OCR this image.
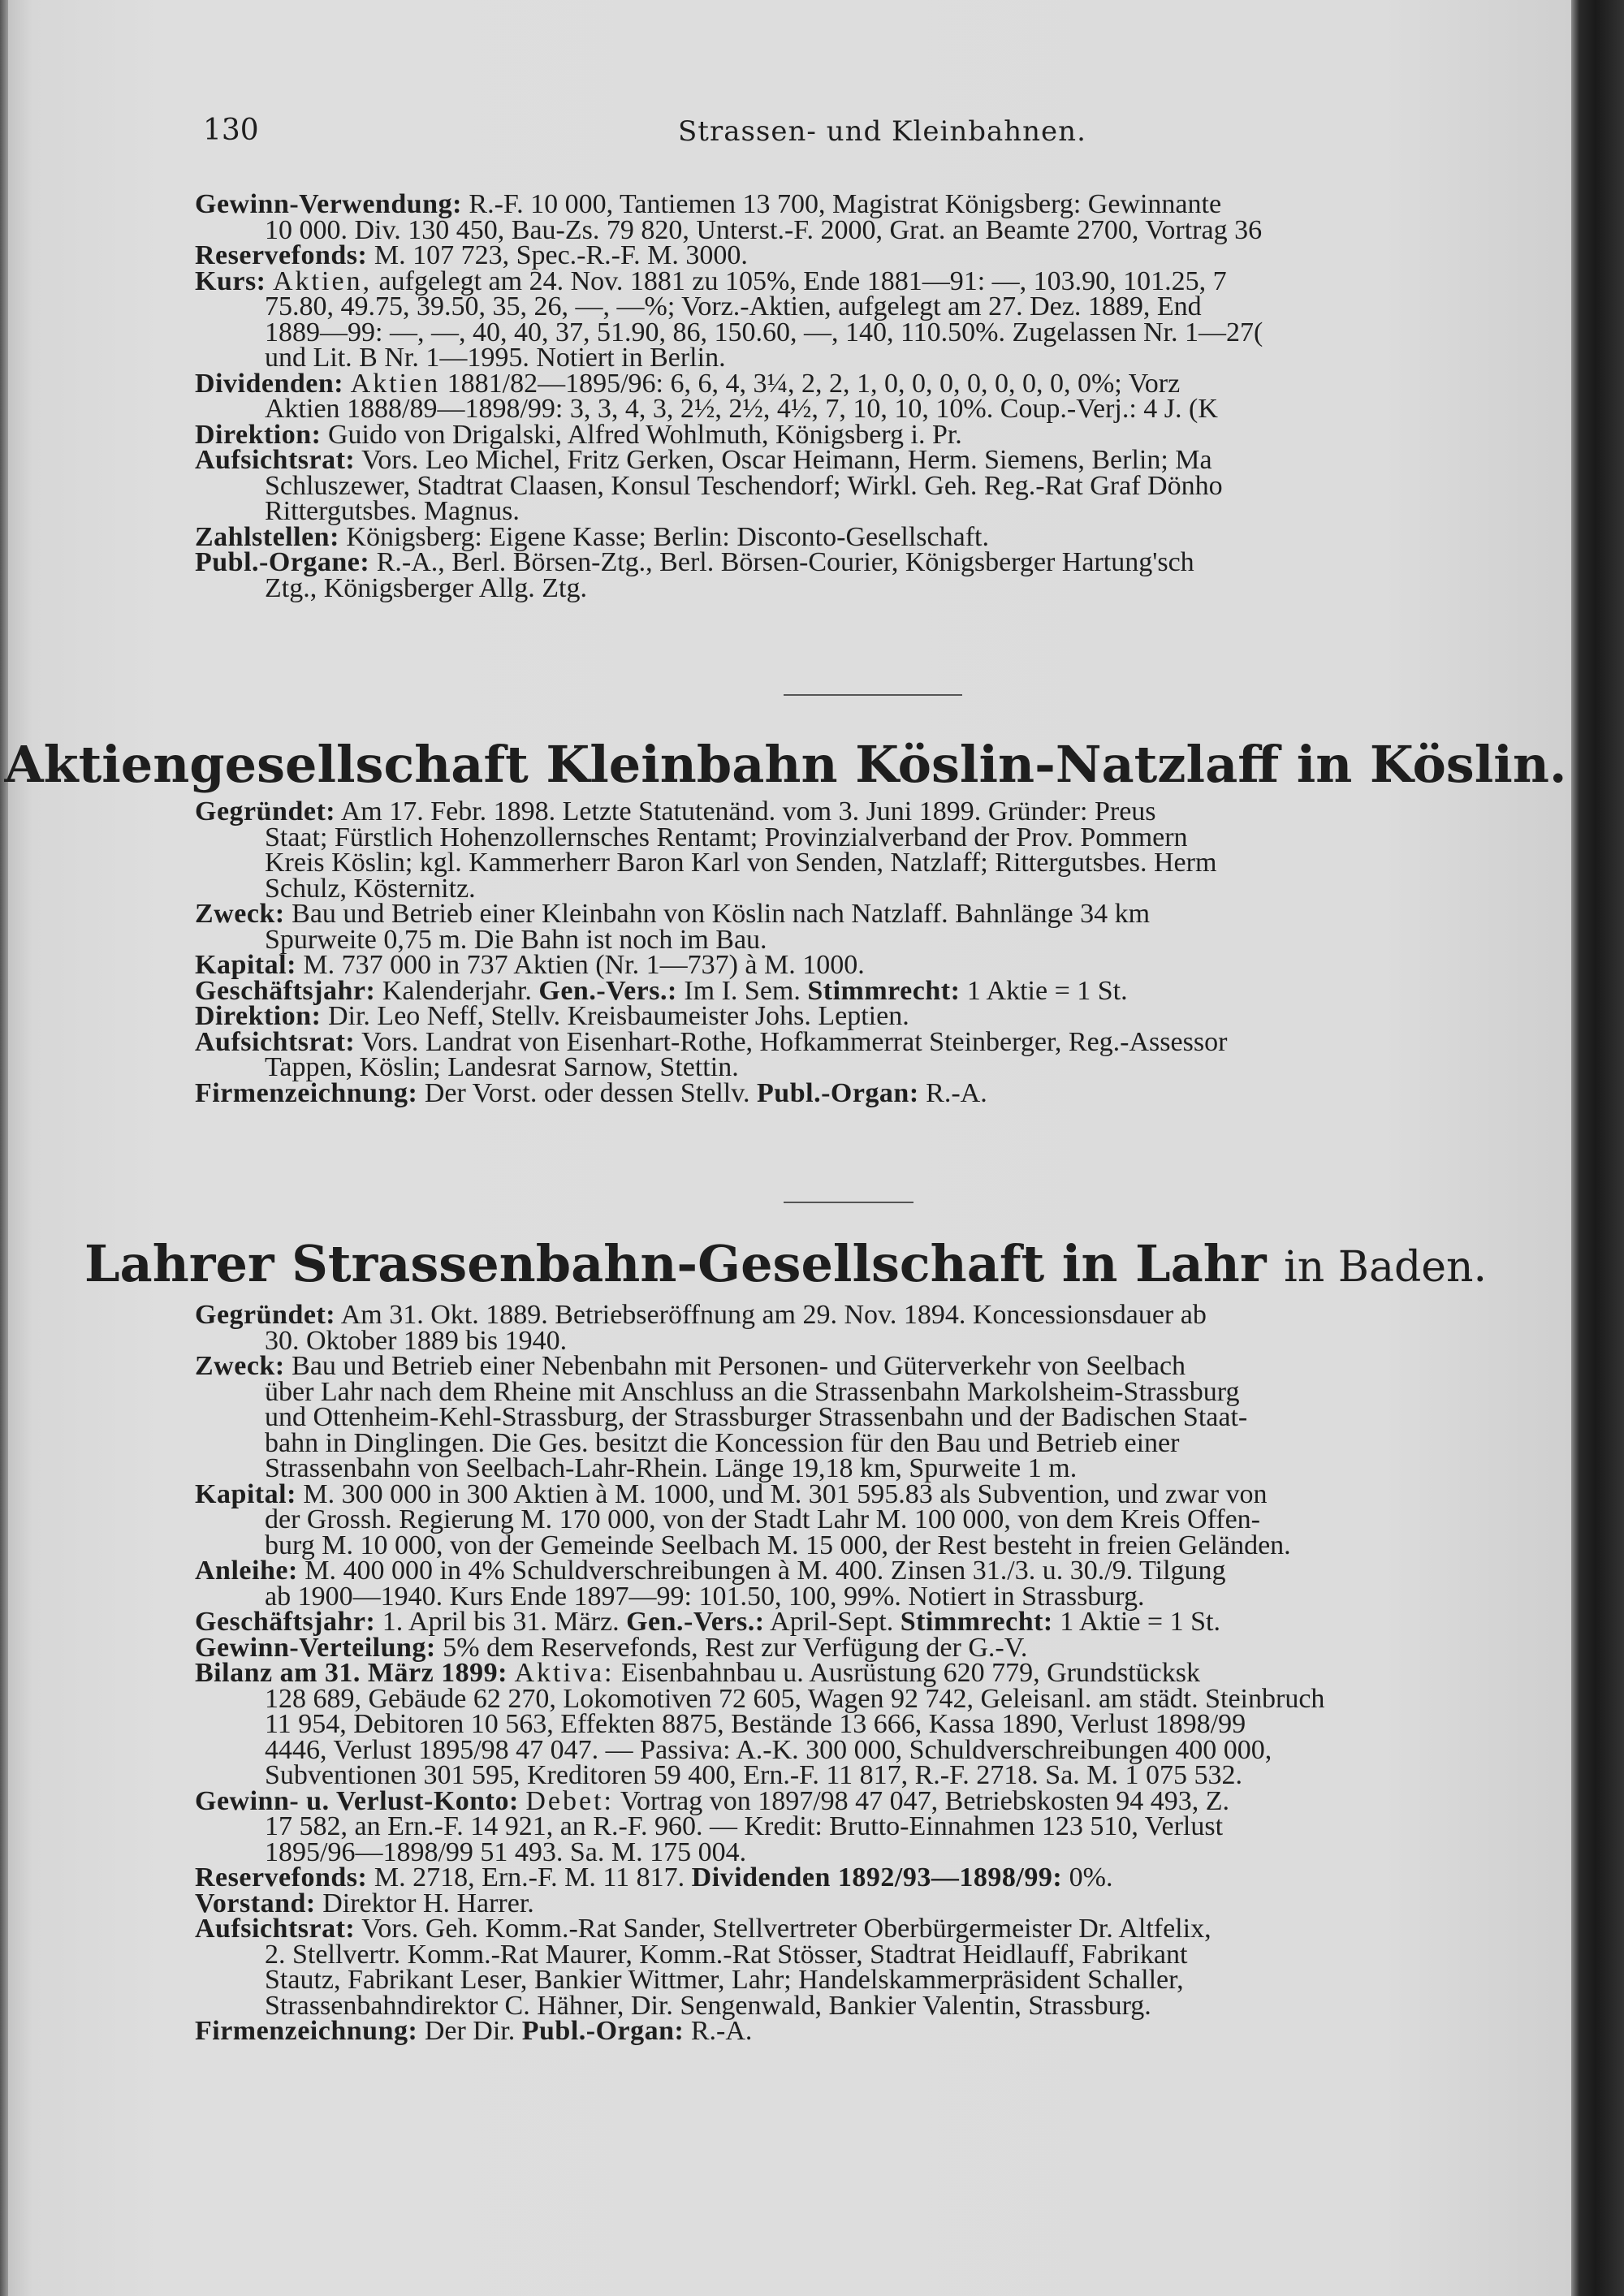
130	Strassen- und Kleinbahnen.
Gewinn-Verwendung: R.-F. 10 000, Tantiemen 13 700, Magistrat Königsberg: Gewinnante
10 000. Div. 130 450, Bau-Zs. 79 820, Unterst.-F. 2000, Grat. an Beamte 2700, Vortrag 36
Reservefonds: M. 107 723, Spec.-R.-F. M. 3000.
Kurs: Aktien, aufgelegt am 24. Nov. 1881 zu 105%, Ende 1881—91: —, 103.90, 101.25, 7
75.80, 49.75, 39.50, 35, 26, —, —%; Vorz.-Aktien, aufgelegt am 27. Dez. 1889, End
1889—99: —, —, 40, 40, 37, 51.90, 86, 150.60, —, 140, 110.50%. Zugelassen Nr. 1—27(
und Lit. B Nr. 1—1995. Notiert in Berlin.
Dividenden: Aktien 1881/82—1895/96: 6, 6, 4, 3¼, 2, 2, 1, 0, 0, 0, 0, 0, 0, 0, 0%; Vorz
Aktien 1888/89—1898/99: 3, 3, 4, 3, 2½, 2½, 4½, 7, 10, 10, 10%. Coup.-Verj.: 4 J. (K
Direktion: Guido von Drigalski, Alfred Wohlmuth, Königsberg i. Pr.
Aufsichtsrat: Vors. Leo Michel, Fritz Gerken, Oscar Heimann, Herm. Siemens, Berlin; Ma
Schluszewer, Stadtrat Claasen, Konsul Teschendorf; Wirkl. Geh. Reg.-Rat Graf Dönho
Rittergutsbes. Magnus.
Zahlstellen: Königsberg: Eigene Kasse; Berlin: Disconto-Gesellschaft.
Publ.-Organe: R.-A., Berl. Börsen-Ztg., Berl. Börsen-Courier, Königsberger Hartung'sch
Ztg., Königsberger Allg. Ztg.
Aktiengesellschaft Kleinbahn Köslin-Natzlaff in Köslin.
Gegründet: Am 17. Febr. 1898. Letzte Statutenänd. vom 3. Juni 1899. Gründer: Preus
Staat; Fürstlich Hohenzollernsches Rentamt; Provinzialverband der Prov. Pommern
Kreis Köslin; kgl. Kammerherr Baron Karl von Senden, Natzlaff; Rittergutsbes. Herm
Schulz, Kösternitz.
Zweck: Bau und Betrieb einer Kleinbahn von Köslin nach Natzlaff. Bahnlänge 34 km
Spurweite 0,75 m. Die Bahn ist noch im Bau.
Kapital: M. 737 000 in 737 Aktien (Nr. 1—737) à M. 1000.
Geschäftsjahr: Kalenderjahr. Gen.-Vers.: Im I. Sem. Stimmrecht: 1 Aktie = 1 St.
Direktion: Dir. Leo Neff, Stellv. Kreisbaumeister Johs. Leptien.
Aufsichtsrat: Vors. Landrat von Eisenhart-Rothe, Hofkammerrat Steinberger, Reg.-Assessor
Tappen, Köslin; Landesrat Sarnow, Stettin.
Firmenzeichnung: Der Vorst. oder dessen Stellv. Publ.-Organ: R.-A.
Lahrer Strassenbahn-Gesellschaft in Lahr in Baden.
Gegründet: Am 31. Okt. 1889. Betriebseröffnung am 29. Nov. 1894. Koncessionsdauer ab
30. Oktober 1889 bis 1940.
Zweck: Bau und Betrieb einer Nebenbahn mit Personen- und Güterverkehr von Seelbach
über Lahr nach dem Rheine mit Anschluss an die Strassenbahn Markolsheim-Strassburg
und Ottenheim-Kehl-Strassburg, der Strassburger Strassenbahn und der Badischen Staat-
bahn in Dinglingen. Die Ges. besitzt die Koncession für den Bau und Betrieb einer
Strassenbahn von Seelbach-Lahr-Rhein. Länge 19,18 km, Spurweite 1 m.
Kapital: M. 300 000 in 300 Aktien à M. 1000, und M. 301 595.83 als Subvention, und zwar von
der Grossh. Regierung M. 170 000, von der Stadt Lahr M. 100 000, von dem Kreis Offen-
burg M. 10 000, von der Gemeinde Seelbach M. 15 000, der Rest besteht in freien Geländen.
Anleihe: M. 400 000 in 4% Schuldverschreibungen à M. 400. Zinsen 31./3. u. 30./9. Tilgung
ab 1900—1940. Kurs Ende 1897—99: 101.50, 100, 99%. Notiert in Strassburg.
Geschäftsjahr: 1. April bis 31. März. Gen.-Vers.: April-Sept. Stimmrecht: 1 Aktie = 1 St.
Gewinn-Verteilung: 5% dem Reservefonds, Rest zur Verfügung der G.-V.
Bilanz am 31. März 1899: Aktiva: Eisenbahnbau u. Ausrüstung 620 779, Grundstücksk
128 689, Gebäude 62 270, Lokomotiven 72 605, Wagen 92 742, Geleisanl. am städt. Steinbruch
11 954, Debitoren 10 563, Effekten 8875, Bestände 13 666, Kassa 1890, Verlust 1898/99
4446, Verlust 1895/98 47 047. — Passiva: A.-K. 300 000, Schuldverschreibungen 400 000,
Subventionen 301 595, Kreditoren 59 400, Ern.-F. 11 817, R.-F. 2718. Sa. M. 1 075 532.
Gewinn- u. Verlust-Konto: Debet: Vortrag von 1897/98 47 047, Betriebskosten 94 493, Z.
17 582, an Ern.-F. 14 921, an R.-F. 960. — Kredit: Brutto-Einnahmen 123 510, Verlust
1895/96—1898/99 51 493. Sa. M. 175 004.
Reservefonds: M. 2718, Ern.-F. M. 11 817. Dividenden 1892/93—1898/99: 0%.
Vorstand: Direktor H. Harrer.
Aufsichtsrat: Vors. Geh. Komm.-Rat Sander, Stellvertreter Oberbürgermeister Dr. Altfelix,
2. Stellvertr. Komm.-Rat Maurer, Komm.-Rat Stösser, Stadtrat Heidlauff, Fabrikant
Stautz, Fabrikant Leser, Bankier Wittmer, Lahr; Handelskammerpräsident Schaller,
Strassenbahndirektor C. Hähner, Dir. Sengenwald, Bankier Valentin, Strassburg.
Firmenzeichnung: Der Dir. Publ.-Organ: R.-A.
